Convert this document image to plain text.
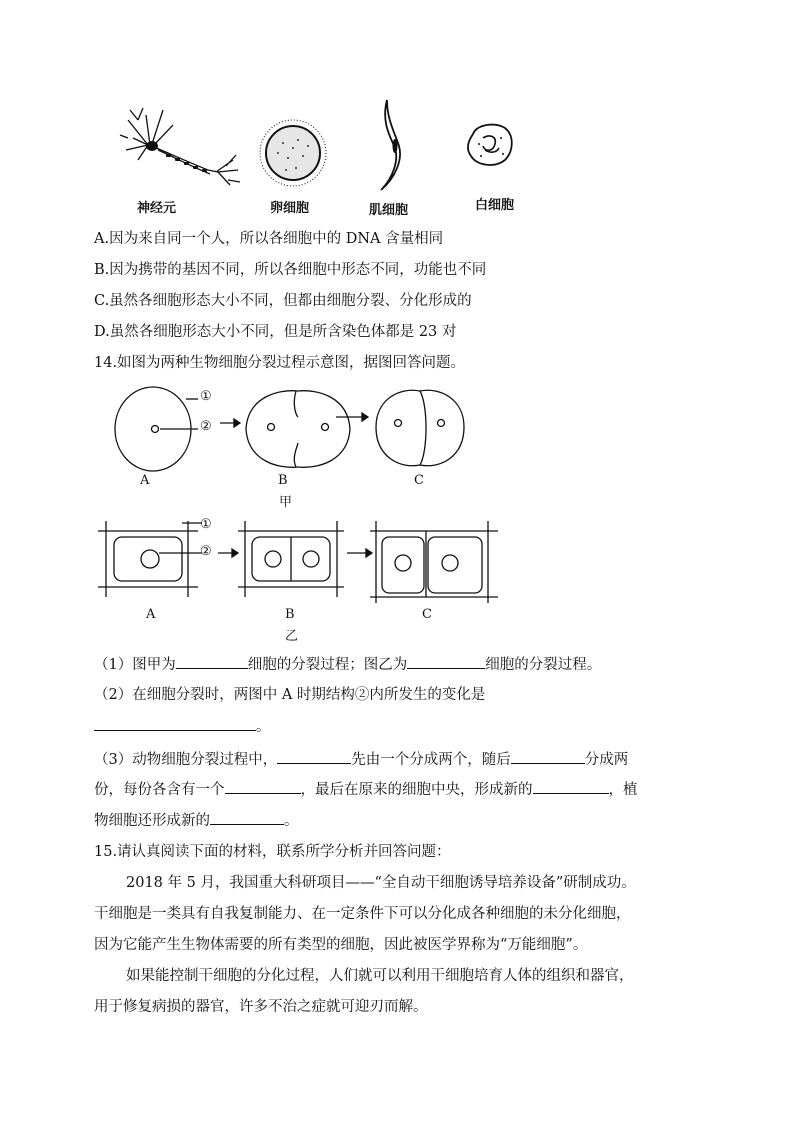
神经元	卵细胞	肌细胞	白细胞
A.因为来自同一个人，所以各细胞中的 DNA 含量相同
B.因为携带的基因不同，所以各细胞中形态不同，功能也不同
C.虽然各细胞形态大小不同，但都由细胞分裂、分化形成的
D.虽然各细胞形态大小不同，但是所含染色体都是 23 对
14.如图为两种生物细胞分裂过程示意图，据图回答问题。
①
②
A	B	C
甲
①
②
A	B	C
乙
（1）图甲为	细胞的分裂过程；图乙为	细胞的分裂过程。
（2）在细胞分裂时，两图中 A 时期结构②内所发生的变化是
。
（3）动物细胞分裂过程中，	先由一个分成两个，随后	分成两
份，每份各含有一个	，最后在原来的细胞中央，形成新的	，植
物细胞还形成新的	。
15.请认真阅读下面的材料，联系所学分析并回答问题：
2018 年 5 月，我国重大科研项目——“全自动干细胞诱导培养设备”研制成功。
干细胞是一类具有自我复制能力、在一定条件下可以分化成各种细胞的未分化细胞，
因为它能产生生物体需要的所有类型的细胞，因此被医学界称为“万能细胞”。
如果能控制干细胞的分化过程，人们就可以利用干细胞培育人体的组织和器官，
用于修复病损的器官，许多不治之症就可迎刃而解。
